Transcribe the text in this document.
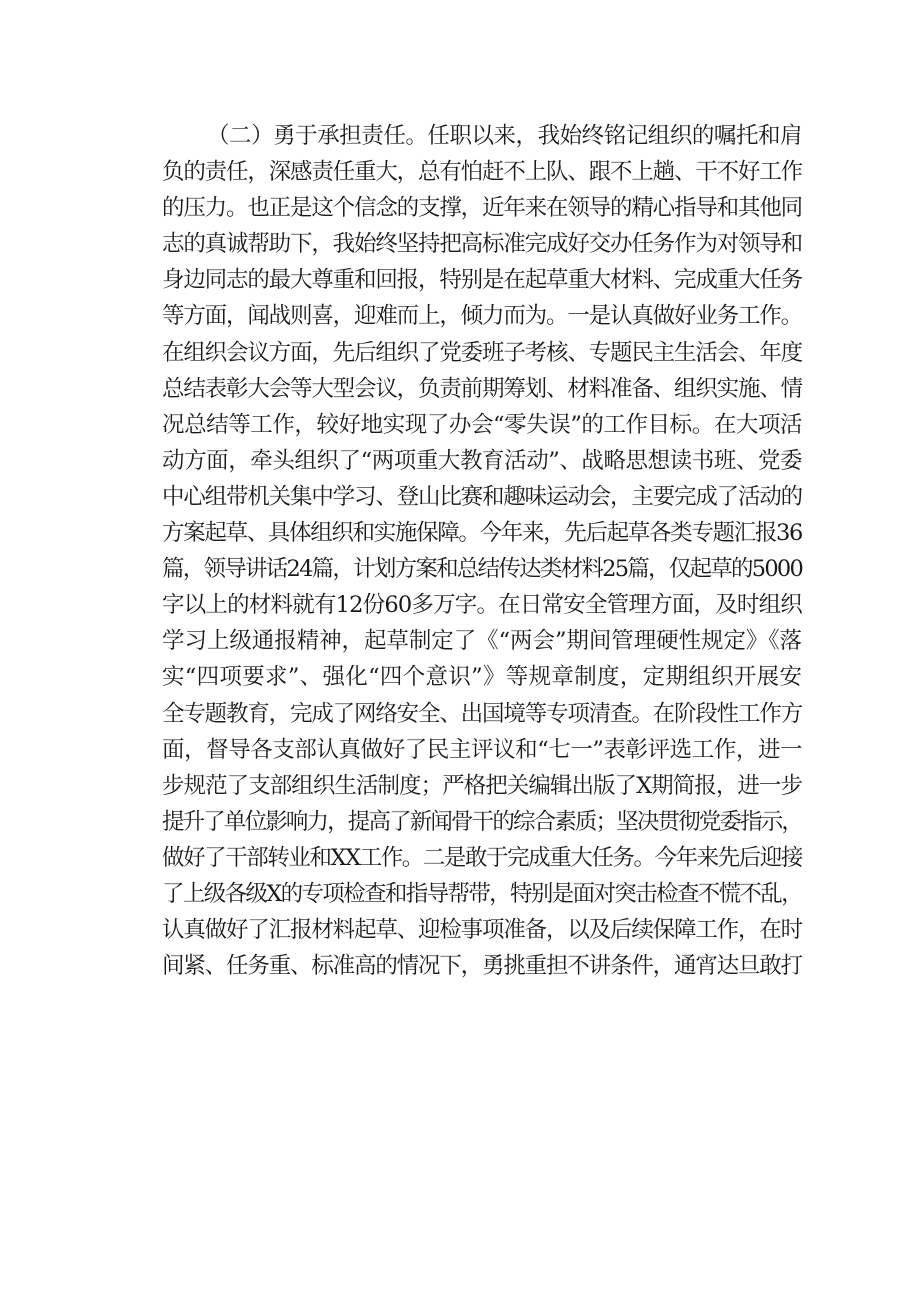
（二）勇于承担责任。任职以来，我始终铭记组织的嘱托和肩
负的责任，深感责任重大，总有怕赶不上队、跟不上趟、干不好工作
的压力。也正是这个信念的支撑，近年来在领导的精心指导和其他同
志的真诚帮助下，我始终坚持把高标准完成好交办任务作为对领导和
身边同志的最大尊重和回报，特别是在起草重大材料、完成重大任务
等方面，闻战则喜，迎难而上，倾力而为。一是认真做好业务工作。
在组织会议方面，先后组织了党委班子考核、专题民主生活会、年度
总结表彰大会等大型会议，负责前期筹划、材料准备、组织实施、情
况总结等工作，较好地实现了办会“零失误”的工作目标。在大项活
动方面，牵头组织了“两项重大教育活动”、战略思想读书班、党委
中心组带机关集中学习、登山比赛和趣味运动会，主要完成了活动的
方案起草、具体组织和实施保障。今年来，先后起草各类专题汇报36
篇，领导讲话24篇，计划方案和总结传达类材料25篇，仅起草的5000
字以上的材料就有12份60多万字。在日常安全管理方面，及时组织
学习上级通报精神，起草制定了《“两会”期间管理硬性规定》《落
实“四项要求”、强化“四个意识”》等规章制度，定期组织开展安
全专题教育，完成了网络安全、出国境等专项清查。在阶段性工作方
面，督导各支部认真做好了民主评议和“七一”表彰评选工作，进一
步规范了支部组织生活制度；严格把关编辑出版了X期简报，进一步
提升了单位影响力，提高了新闻骨干的综合素质；坚决贯彻党委指示，
做好了干部转业和XX工作。二是敢于完成重大任务。今年来先后迎接
了上级各级X的专项检查和指导帮带，特别是面对突击检查不慌不乱，
认真做好了汇报材料起草、迎检事项准备，以及后续保障工作，在时
间紧、任务重、标准高的情况下，勇挑重担不讲条件，通宵达旦敢打
